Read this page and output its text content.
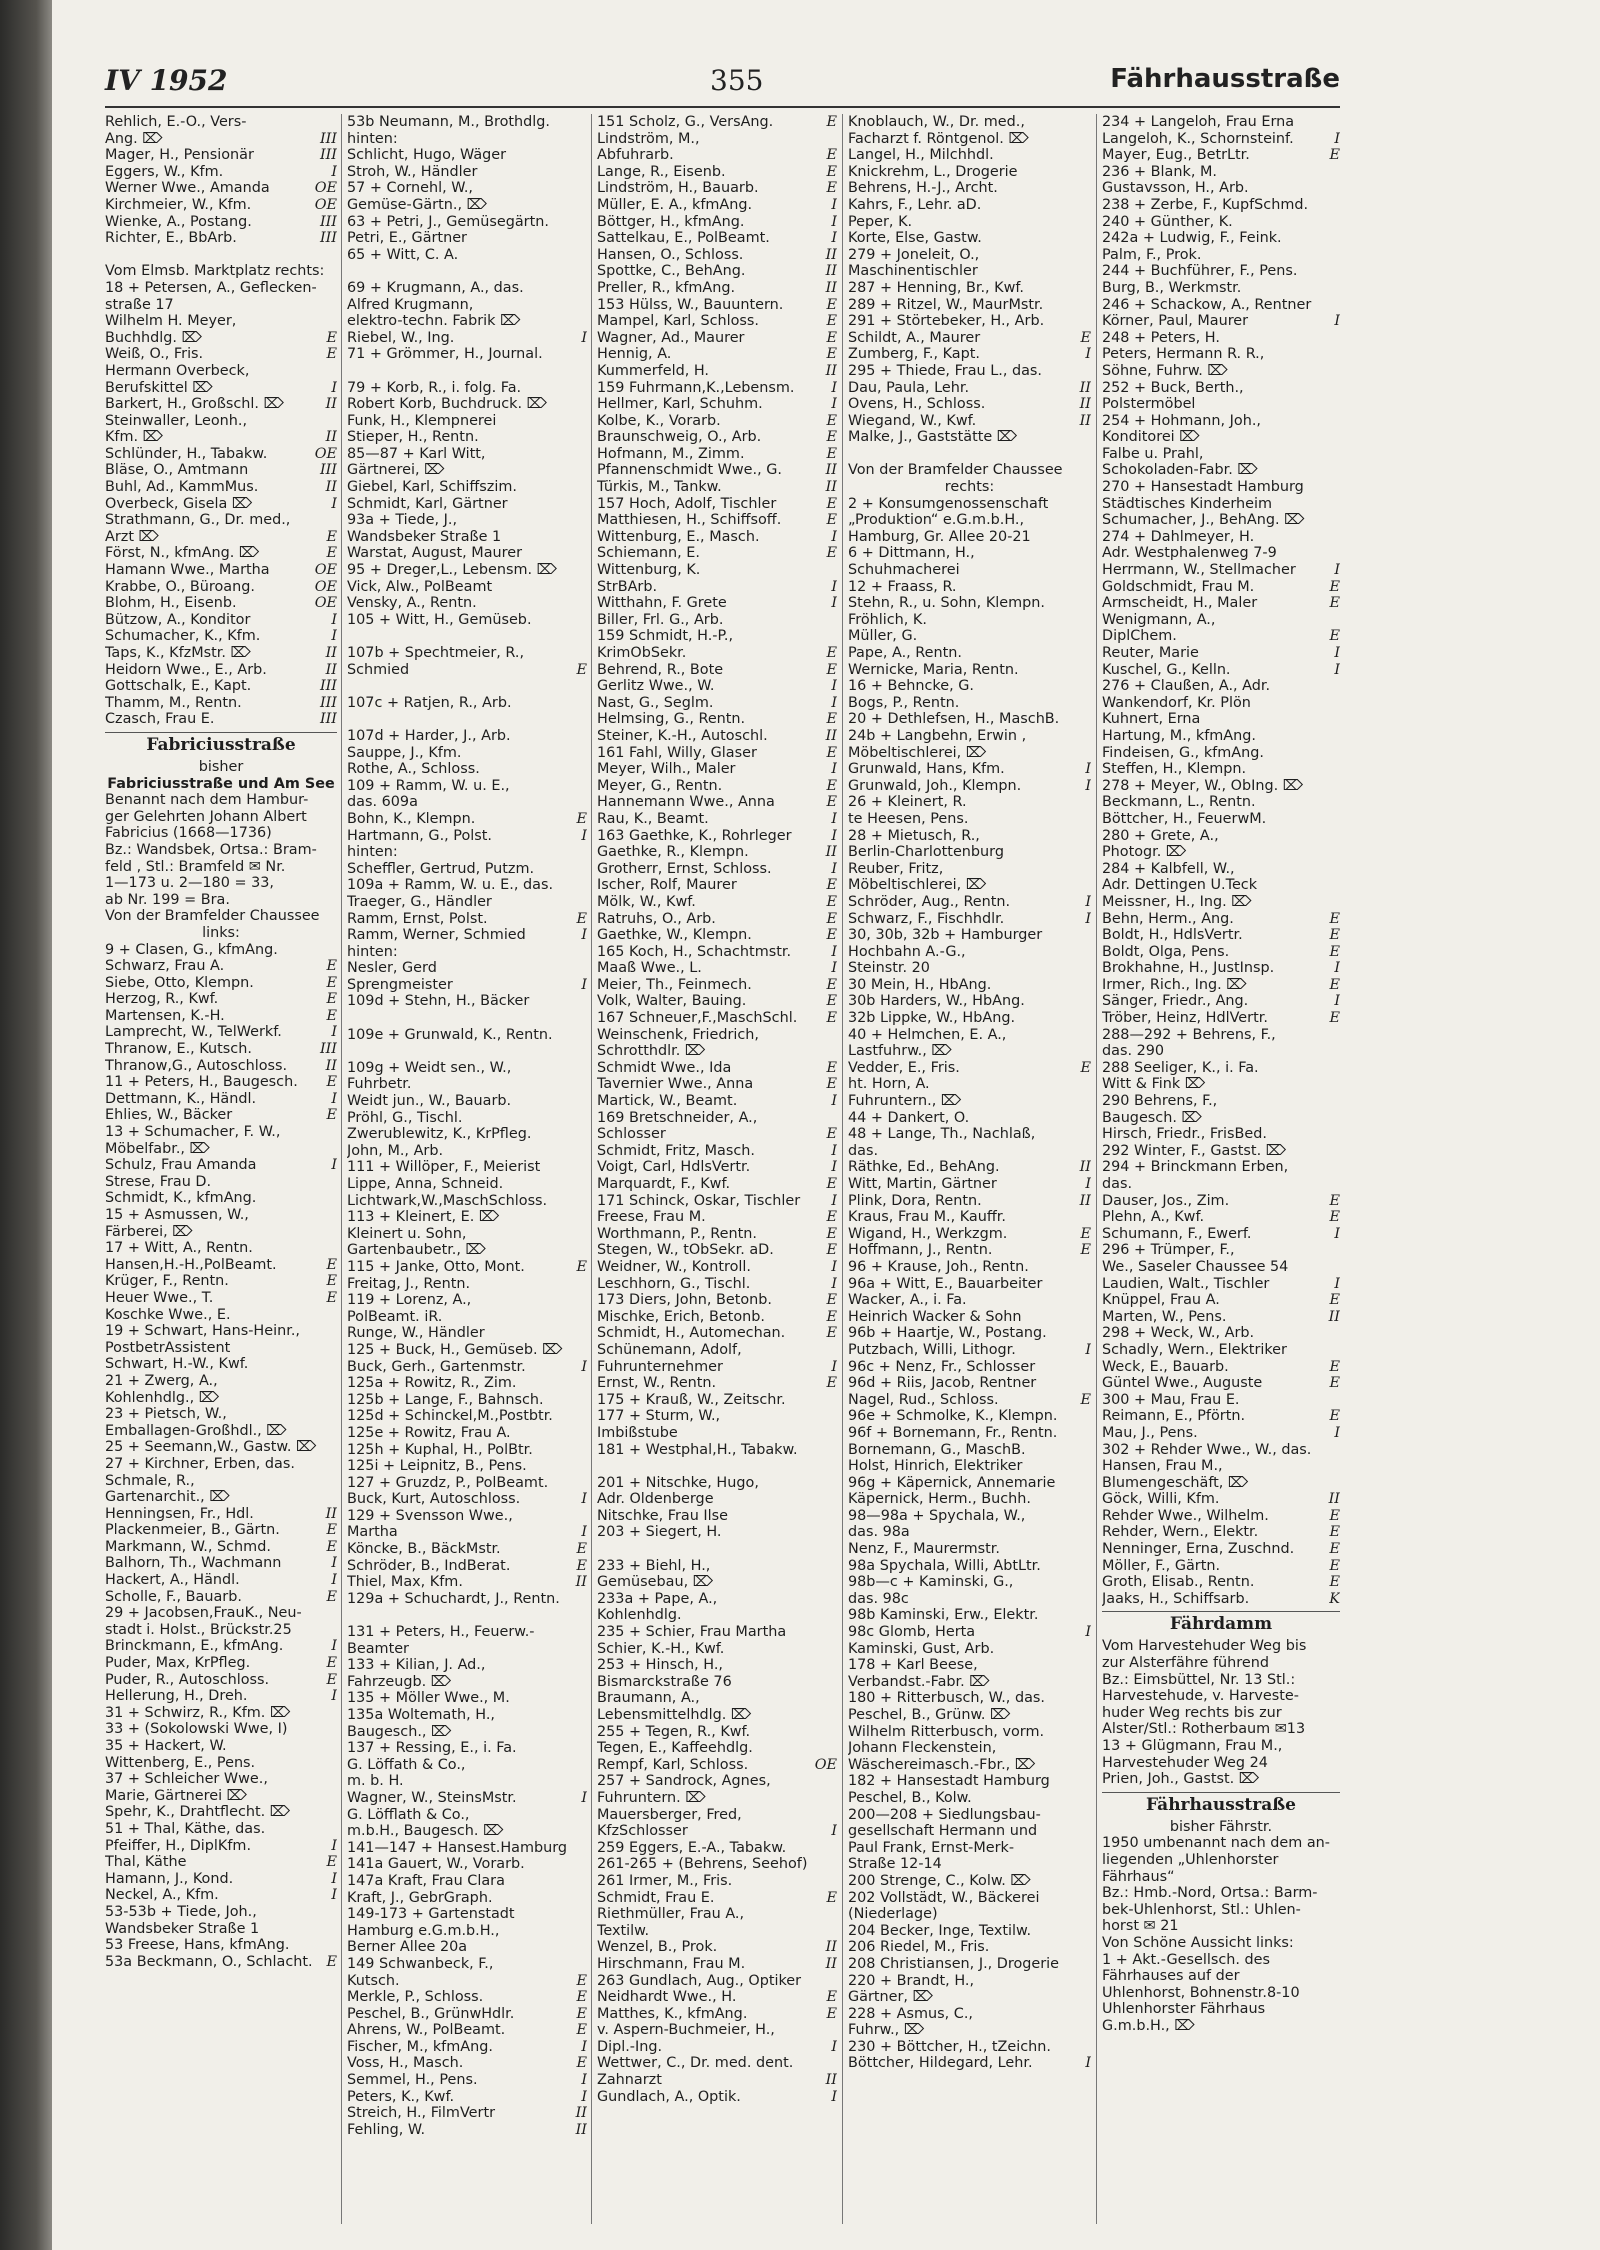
IV 1952	355	Fährhausstraße
Rehlich, E.-O., Vers-
Ang. ⌦	III
Mager, H., Pensionär	III
Eggers, W., Kfm.	I
Werner Wwe., Amanda	OE
Kirchmeier, W., Kfm.	OE
Wienke, A., Postang.	III
Richter, E., BbArb.	III
Vom Elmsb. Marktplatz rechts:
18 + Petersen, A., Geflecken-
straße 17
Wilhelm H. Meyer,
Buchhdlg. ⌦	E
Weiß, O., Fris.	E
Hermann Overbeck,
Berufskittel ⌦	I
Barkert, H., Großschl. ⌦	II
Steinwaller, Leonh.,
Kfm. ⌦	II
Schlünder, H., Tabakw.	OE
Bläse, O., Amtmann	III
Buhl, Ad., KammMus.	II
Overbeck, Gisela ⌦	I
Strathmann, G., Dr. med.,
Arzt ⌦	E
Först, N., kfmAng. ⌦	E
Hamann Wwe., Martha	OE
Krabbe, O., Büroang.	OE
Blohm, H., Eisenb.	OE
Bützow, A., Konditor	I
Schumacher, K., Kfm.	I
Taps, K., KfzMstr. ⌦	II
Heidorn Wwe., E., Arb.	II
Gottschalk, E., Kapt.	III
Thamm, M., Rentn.	III
Czasch, Frau E.	III
Fabriciusstraße
bisher
Fabriciusstraße und Am See
Benannt nach dem Hambur-
ger Gelehrten Johann Albert
Fabricius (1668—1736)
Bz.: Wandsbek, Ortsa.: Bram-
feld , Stl.: Bramfeld ✉ Nr.
1—173 u. 2—180 = 33,
ab Nr. 199 = Bra.
Von der Bramfelder Chaussee
links:
9 + Clasen, G., kfmAng.
Schwarz, Frau A.	E
Siebe, Otto, Klempn.	E
Herzog, R., Kwf.	E
Martensen, K.-H.	E
Lamprecht, W., TelWerkf.	I
Thranow, E., Kutsch.	III
Thranow,G., Autoschloss.	II
11 + Peters, H., Baugesch. E
Dettmann, K., Händl.	I
Ehlies, W., Bäcker	E
13 + Schumacher, F. W.,
Möbelfabr., ⌦
Schulz, Frau Amanda	I
Strese, Frau D.
Schmidt, K., kfmAng.
15 + Asmussen, W.,
Färberei, ⌦
17 + Witt, A., Rentn.
Hansen,H.-H.,PolBeamt.	E
Krüger, F., Rentn.	E
Heuer Wwe., T.	E
Koschke Wwe., E.
19 + Schwart, Hans-Heinr.,
PostbetrAssistent
Schwart, H.-W., Kwf.
21 + Zwerg, A.,
Kohlenhdlg., ⌦
23 + Pietsch, W.,
Emballagen-Großhdl., ⌦
25 + Seemann,W., Gastw. ⌦
27 + Kirchner, Erben, das.
Schmale, R.,
Gartenarchit., ⌦
Henningsen, Fr., Hdl.	II
Plackenmeier, B., Gärtn.	E
Markmann, W., Schmd.	E
Balhorn, Th., Wachmann	I
Hackert, A., Händl.	I
Scholle, F., Bauarb.	E
29 + Jacobsen,FrauK., Neu-
stadt i. Holst., Brückstr.25
Brinckmann, E., kfmAng.	I
Puder, Max, KrPfleg.	E
Puder, R., Autoschloss.	E
Hellerung, H., Dreh.	I
31 + Schwirz, R., Kfm. ⌦
33 + (Sokolowski Wwe, I)
35 + Hackert, W.
Wittenberg, E., Pens.
37 + Schleicher Wwe.,
Marie, Gärtnerei ⌦
Spehr, K., Drahtflecht. ⌦
51 + Thal, Käthe, das.
Pfeiffer, H., DiplKfm.	I
Thal, Käthe	E
Hamann, J., Kond.	I
Neckel, A., Kfm.	I
53-53b + Tiede, Joh.,
Wandsbeker Straße 1
53 Freese, Hans, kfmAng.
53a Beckmann, O., Schlacht. E
53b Neumann, M., Brothdlg.
hinten:
Schlicht, Hugo, Wäger
Stroh, W., Händler
57 + Cornehl, W.,
Gemüse-Gärtn., ⌦
63 + Petri, J., Gemüsegärtn.
Petri, E., Gärtner
65 + Witt, C. A.
69 + Krugmann, A., das.
Alfred Krugmann,
elektro-techn. Fabrik ⌦
Riebel, W., Ing.	I
71 + Grömmer, H., Journal.
79 + Korb, R., i. folg. Fa.
Robert Korb, Buchdruck. ⌦
Funk, H., Klempnerei
Stieper, H., Rentn.
85—87 + Karl Witt,
Gärtnerei, ⌦
Giebel, Karl, Schiffszim.
Schmidt, Karl, Gärtner
93a + Tiede, J.,
Wandsbeker Straße 1
Warstat, August, Maurer
95 + Dreger,L., Lebensm. ⌦
Vick, Alw., PolBeamt
Vensky, A., Rentn.
105 + Witt, H., Gemüseb.
107b + Spechtmeier, R.,
Schmied	E
107c + Ratjen, R., Arb.
107d + Harder, J., Arb.
Sauppe, J., Kfm.
Rothe, A., Schloss.
109 + Ramm, W. u. E.,
das. 609a
Bohn, K., Klempn.	E
Hartmann, G., Polst.	I
hinten:
Scheffler, Gertrud, Putzm.
109a + Ramm, W. u. E., das.
Traeger, G., Händler
Ramm, Ernst, Polst.	E
Ramm, Werner, Schmied	I
hinten:
Nesler, Gerd
Sprengmeister	I
109d + Stehn, H., Bäcker
109e + Grunwald, K., Rentn.
109g + Weidt sen., W.,
Fuhrbetr.
Weidt jun., W., Bauarb.
Pröhl, G., Tischl.
Zwerublewitz, K., KrPfleg.
John, M., Arb.
111 + Willöper, F., Meierist
Lippe, Anna, Schneid.
Lichtwark,W.,MaschSchloss.
113 + Kleinert, E. ⌦
Kleinert u. Sohn,
Gartenbaubetr., ⌦
115 + Janke, Otto, Mont.	E
Freitag, J., Rentn.
119 + Lorenz, A.,
PolBeamt. iR.
Runge, W., Händler
125 + Buck, H., Gemüseb. ⌦
Buck, Gerh., Gartenmstr.	I
125a + Rowitz, R., Zim.
125b + Lange, F., Bahnsch.
125d + Schinckel,M.,Postbtr.
125e + Rowitz, Frau A.
125h + Kuphal, H., PolBtr.
125i + Leipnitz, B., Pens.
127 + Gruzdz, P., PolBeamt.
Buck, Kurt, Autoschloss.	I
129 + Svensson Wwe.,
Martha	I
Köncke, B., BäckMstr.	E
Schröder, B., IndBerat.	E
Thiel, Max, Kfm.	II
129a + Schuchardt, J., Rentn.
131 + Peters, H., Feuerw.-
Beamter
133 + Kilian, J. Ad.,
Fahrzeugb. ⌦
135 + Möller Wwe., M.
135a Woltemath, H.,
Baugesch., ⌦
137 + Ressing, E., i. Fa.
G. Löffath & Co.,
m. b. H.
Wagner, W., SteinsMstr.	I
G. Löfflath & Co.,
m.b.H., Baugesch. ⌦
141—147 + Hansest.Hamburg
141a Gauert, W., Vorarb.
147a Kraft, Frau Clara
Kraft, J., GebrGraph.
149-173 + Gartenstadt
Hamburg e.G.m.b.H.,
Berner Allee 20a
149 Schwanbeck, F.,
Kutsch.	E
Merkle, P., Schloss.	E
Peschel, B., GrünwHdlr.	E
Ahrens, W., PolBeamt.	E
Fischer, M., kfmAng.	I
Voss, H., Masch.	E
Semmel, H., Pens.	I
Peters, K., Kwf.	I
Streich, H., FilmVertr	II
Fehling, W.	II
151 Scholz, G., VersAng.	E
Lindström, M.,
Abfuhrarb.	E
Lange, R., Eisenb.	E
Lindström, H., Bauarb.	E
Müller, E. A., kfmAng.	I
Böttger, H., kfmAng.	I
Sattelkau, E., PolBeamt.	I
Hansen, O., Schloss.	II
Spottke, C., BehAng.	II
Preller, R., kfmAng.	II
153 Hülss, W., Bauuntern.	E
Mampel, Karl, Schloss.	E
Wagner, Ad., Maurer	E
Hennig, A.	E
Kummerfeld, H.	II
159 Fuhrmann,K.,Lebensm.	I
Hellmer, Karl, Schuhm.	I
Kolbe, K., Vorarb.	E
Braunschweig, O., Arb.	E
Hofmann, M., Zimm.	E
Pfannenschmidt Wwe., G.	II
Türkis, M., Tankw.	II
157 Hoch, Adolf, Tischler	E
Matthiesen, H., Schiffsoff.	E
Wittenburg, E., Masch.	I
Schiemann, E.	E
Wittenburg, K.
StrBArb.	I
Witthahn, F. Grete	I
Biller, Frl. G., Arb.
159 Schmidt, H.-P.,
KrimObSekr.	E
Behrend, R., Bote	E
Gerlitz Wwe., W.	I
Nast, G., Seglm.	I
Helmsing, G., Rentn.	E
Steiner, K.-H., Autoschl.	II
161 Fahl, Willy, Glaser	E
Meyer, Wilh., Maler	I
Meyer, G., Rentn.	E
Hannemann Wwe., Anna	E
Rau, K., Beamt.	I
163 Gaethke, K., Rohrleger	I
Gaethke, R., Klempn.	II
Grotherr, Ernst, Schloss.	I
Ischer, Rolf, Maurer	E
Mölk, W., Kwf.	E
Ratruhs, O., Arb.	E
Gaethke, W., Klempn.	E
165 Koch, H., Schachtmstr.	I
Maaß Wwe., L.	I
Meier, Th., Feinmech.	E
Volk, Walter, Bauing.	E
167 Schneuer,F.,MaschSchl. E
Weinschenk, Friedrich,
Schrotthdlr. ⌦
Schmidt Wwe., Ida	E
Tavernier Wwe., Anna	E
Martick, W., Beamt.	I
169 Bretschneider, A.,
Schlosser	E
Schmidt, Fritz, Masch.	I
Voigt, Carl, HdlsVertr.	I
Marquardt, F., Kwf.	E
171 Schinck, Oskar, Tischler I
Freese, Frau M.	E
Worthmann, P., Rentn.	E
Stegen, W., tObSekr. aD.	E
Weidner, W., Kontroll.	I
Leschhorn, G., Tischl.	I
173 Diers, John, Betonb.	E
Mischke, Erich, Betonb.	E
Schmidt, H., Automechan.	E
Schünemann, Adolf,
Fuhrunternehmer	I
Ernst, W., Rentn.	E
175 + Krauß, W., Zeitschr.
177 + Sturm, W.,
Imbißstube
181 + Westphal,H., Tabakw.
201 + Nitschke, Hugo,
Adr. Oldenberge
Nitschke, Frau Ilse
203 + Siegert, H.
233 + Biehl, H.,
Gemüsebau, ⌦
233a + Pape, A.,
Kohlenhdlg.
235 + Schier, Frau Martha
Schier, K.-H., Kwf.
253 + Hinsch, H.,
Bismarckstraße 76
Braumann, A.,
Lebensmittelhdlg. ⌦
255 + Tegen, R., Kwf.
Tegen, E., Kaffeehdlg.
Rempf, Karl, Schloss.	OE
257 + Sandrock, Agnes,
Fuhruntern. ⌦
Mauersberger, Fred,
KfzSchlosser	I
259 Eggers, E.-A., Tabakw.
261-265 + (Behrens, Seehof)
261 Irmer, M., Fris.
Schmidt, Frau E.	E
Riethmüller, Frau A.,
Textilw.
Wenzel, B., Prok.	II
Hirschmann, Frau M.	II
263 Gundlach, Aug., Optiker
Neidhardt Wwe., H.	E
Matthes, K., kfmAng.	E
v. Aspern-Buchmeier, H.,
Dipl.-Ing.	I
Wettwer, C., Dr. med. dent.
Zahnarzt	II
Gundlach, A., Optik.	I
Knoblauch, W., Dr. med.,
Facharzt f. Röntgenol. ⌦
Langel, H., Milchhdl.
Knickrehm, L., Drogerie
Behrens, H.-J., Archt.
Kahrs, F., Lehr. aD.
Peper, K.
Korte, Else, Gastw.
279 + Joneleit, O.,
Maschinentischler
287 + Henning, Br., Kwf.
289 + Ritzel, W., MaurMstr.
291 + Störtebeker, H., Arb.
Schildt, A., Maurer	E
Zumberg, F., Kapt.	I
295 + Thiede, Frau L., das.
Dau, Paula, Lehr.	II
Ovens, H., Schloss.	II
Wiegand, W., Kwf.	II
Malke, J., Gaststätte ⌦
Von der Bramfelder Chaussee
rechts:
2 + Konsumgenossenschaft
„Produktion“ e.G.m.b.H.,
Hamburg, Gr. Allee 20-21
6 + Dittmann, H.,
Schuhmacherei
12 + Fraass, R.
Stehn, R., u. Sohn, Klempn.
Fröhlich, K.
Müller, G.
Pape, A., Rentn.
Wernicke, Maria, Rentn.
16 + Behncke, G.
Bogs, P., Rentn.
20 + Dethlefsen, H., MaschB.
24b + Langbehn, Erwin ,
Möbeltischlerei, ⌦
Grunwald, Hans, Kfm.	I
Grunwald, Joh., Klempn.	I
26 + Kleinert, R.
te Heesen, Pens.
28 + Mietusch, R.,
Berlin-Charlottenburg
Reuber, Fritz,
Möbeltischlerei, ⌦
Schröder, Aug., Rentn.	I
Schwarz, F., Fischhdlr.	I
30, 30b, 32b + Hamburger
Hochbahn A.-G.,
Steinstr. 20
30 Mein, H., HbAng.
30b Harders, W., HbAng.
32b Lippke, W., HbAng.
40 + Helmchen, E. A.,
Lastfuhrw., ⌦
Vedder, E., Fris.	E
ht. Horn, A.
Fuhruntern., ⌦
44 + Dankert, O.
48 + Lange, Th., Nachlaß,
das.
Räthke, Ed., BehAng.	II
Witt, Martin, Gärtner	I
Plink, Dora, Rentn.	II
Kraus, Frau M., Kauffr.
Wigand, H., Werkzgm.	E
Hoffmann, J., Rentn.	E
96 + Krause, Joh., Rentn.
96a + Witt, E., Bauarbeiter
Wacker, A., i. Fa.
Heinrich Wacker & Sohn
96b + Haartje, W., Postang.
Putzbach, Willi, Lithogr.	I
96c + Nenz, Fr., Schlosser
96d + Riis, Jacob, Rentner
Nagel, Rud., Schloss.	E
96e + Schmolke, K., Klempn.
96f + Bornemann, Fr., Rentn.
Bornemann, G., MaschB.
Holst, Hinrich, Elektriker
96g + Käpernick, Annemarie
Käpernick, Herm., Buchh.
98—98a + Spychala, W.,
das. 98a
Nenz, F., Maurermstr.
98a Spychala, Willi, AbtLtr.
98b—c + Kaminski, G.,
das. 98c
98b Kaminski, Erw., Elektr.
98c Glomb, Herta	I
Kaminski, Gust, Arb.
178 + Karl Beese,
Verbandst.-Fabr. ⌦
180 + Ritterbusch, W., das.
Peschel, B., Grünw. ⌦
Wilhelm Ritterbusch, vorm.
Johann Fleckenstein,
Wäschereimasch.-Fbr., ⌦
182 + Hansestadt Hamburg
Peschel, B., Kolw.
200—208 + Siedlungsbau-
gesellschaft Hermann und
Paul Frank, Ernst-Merk-
Straße 12-14
200 Strenge, C., Kolw. ⌦
202 Vollstädt, W., Bäckerei
(Niederlage)
204 Becker, Inge, Textilw.
206 Riedel, M., Fris.
208 Christiansen, J., Drogerie
220 + Brandt, H.,
Gärtner, ⌦
228 + Asmus, C.,
Fuhrw., ⌦
230 + Böttcher, H., tZeichn.
Böttcher, Hildegard, Lehr.	I
234 + Langeloh, Frau Erna
Langeloh, K., Schornsteinf.	I
Mayer, Eug., BetrLtr.	E
236 + Blank, M.
Gustavsson, H., Arb.
238 + Zerbe, F., KupfSchmd.
240 + Günther, K.
242a + Ludwig, F., Feink.
Palm, F., Prok.
244 + Buchführer, F., Pens.
Burg, B., Werkmstr.
246 + Schackow, A., Rentner
Körner, Paul, Maurer	I
248 + Peters, H.
Peters, Hermann R. R.,
Söhne, Fuhrw. ⌦
252 + Buck, Berth.,
Polstermöbel
254 + Hohmann, Joh.,
Konditorei ⌦
Falbe u. Prahl,
Schokoladen-Fabr. ⌦
270 + Hansestadt Hamburg
Städtisches Kinderheim
Schumacher, J., BehAng. ⌦
274 + Dahlmeyer, H.
Adr. Westphalenweg 7-9
Herrmann, W., Stellmacher	I
Goldschmidt, Frau M.	E
Armscheidt, H., Maler	E
Wenigmann, A.,
DiplChem.	E
Reuter, Marie	I
Kuschel, G., Kelln.	I
276 + Claußen, A., Adr.
Wankendorf, Kr. Plön
Kuhnert, Erna
Hartung, M., kfmAng.
Findeisen, G., kfmAng.
Steffen, H., Klempn.
278 + Meyer, W., ObIng. ⌦
Beckmann, L., Rentn.
Böttcher, H., FeuerwM.
280 + Grete, A.,
Photogr. ⌦
284 + Kalbfell, W.,
Adr. Dettingen U.Teck
Meissner, H., Ing. ⌦
Behn, Herm., Ang.	E
Boldt, H., HdlsVertr.	E
Boldt, Olga, Pens.	E
Brokhahne, H., JustInsp.	I
Irmer, Rich., Ing. ⌦	E
Sänger, Friedr., Ang.	I
Tröber, Heinz, HdlVertr.	E
288—292 + Behrens, F.,
das. 290
288 Seeliger, K., i. Fa.
Witt & Fink ⌦
290 Behrens, F.,
Baugesch. ⌦
Hirsch, Friedr., FrisBed.
292 Winter, F., Gastst. ⌦
294 + Brinckmann Erben,
das.
Dauser, Jos., Zim.	E
Plehn, A., Kwf.	E
Schumann, F., Ewerf.	I
296 + Trümper, F.,
We., Saseler Chaussee 54
Laudien, Walt., Tischler	I
Knüppel, Frau A.	E
Marten, W., Pens.	II
298 + Weck, W., Arb.
Schadly, Wern., Elektriker
Weck, E., Bauarb.	E
Güntel Wwe., Auguste	E
300 + Mau, Frau E.
Reimann, E., Pförtn.	E
Mau, J., Pens.	I
302 + Rehder Wwe., W., das.
Hansen, Frau M.,
Blumengeschäft, ⌦
Göck, Willi, Kfm.	II
Rehder Wwe., Wilhelm.	E
Rehder, Wern., Elektr.	E
Nenninger, Erna, Zuschnd. E
Möller, F., Gärtn.	E
Groth, Elisab., Rentn.	E
Jaaks, H., Schiffsarb.	K
Fährdamm
Vom Harvestehuder Weg bis
zur Alsterfähre führend
Bz.: Eimsbüttel, Nr. 13 Stl.:
Harvestehude, v. Harveste-
huder Weg rechts bis zur
Alster/Stl.: Rotherbaum ✉13
13 + Glügmann, Frau M.,
Harvestehuder Weg 24
Prien, Joh., Gastst. ⌦
Fährhausstraße
bisher Fährstr.
1950 umbenannt nach dem an-
liegenden „Uhlenhorster
Fährhaus“
Bz.: Hmb.-Nord, Ortsa.: Barm-
bek-Uhlenhorst, Stl.: Uhlen-
horst ✉ 21
Von Schöne Aussicht links:
1 + Akt.-Gesellsch. des
Fährhauses auf der
Uhlenhorst, Bohnenstr.8-10
Uhlenhorster Fährhaus
G.m.b.H., ⌦
